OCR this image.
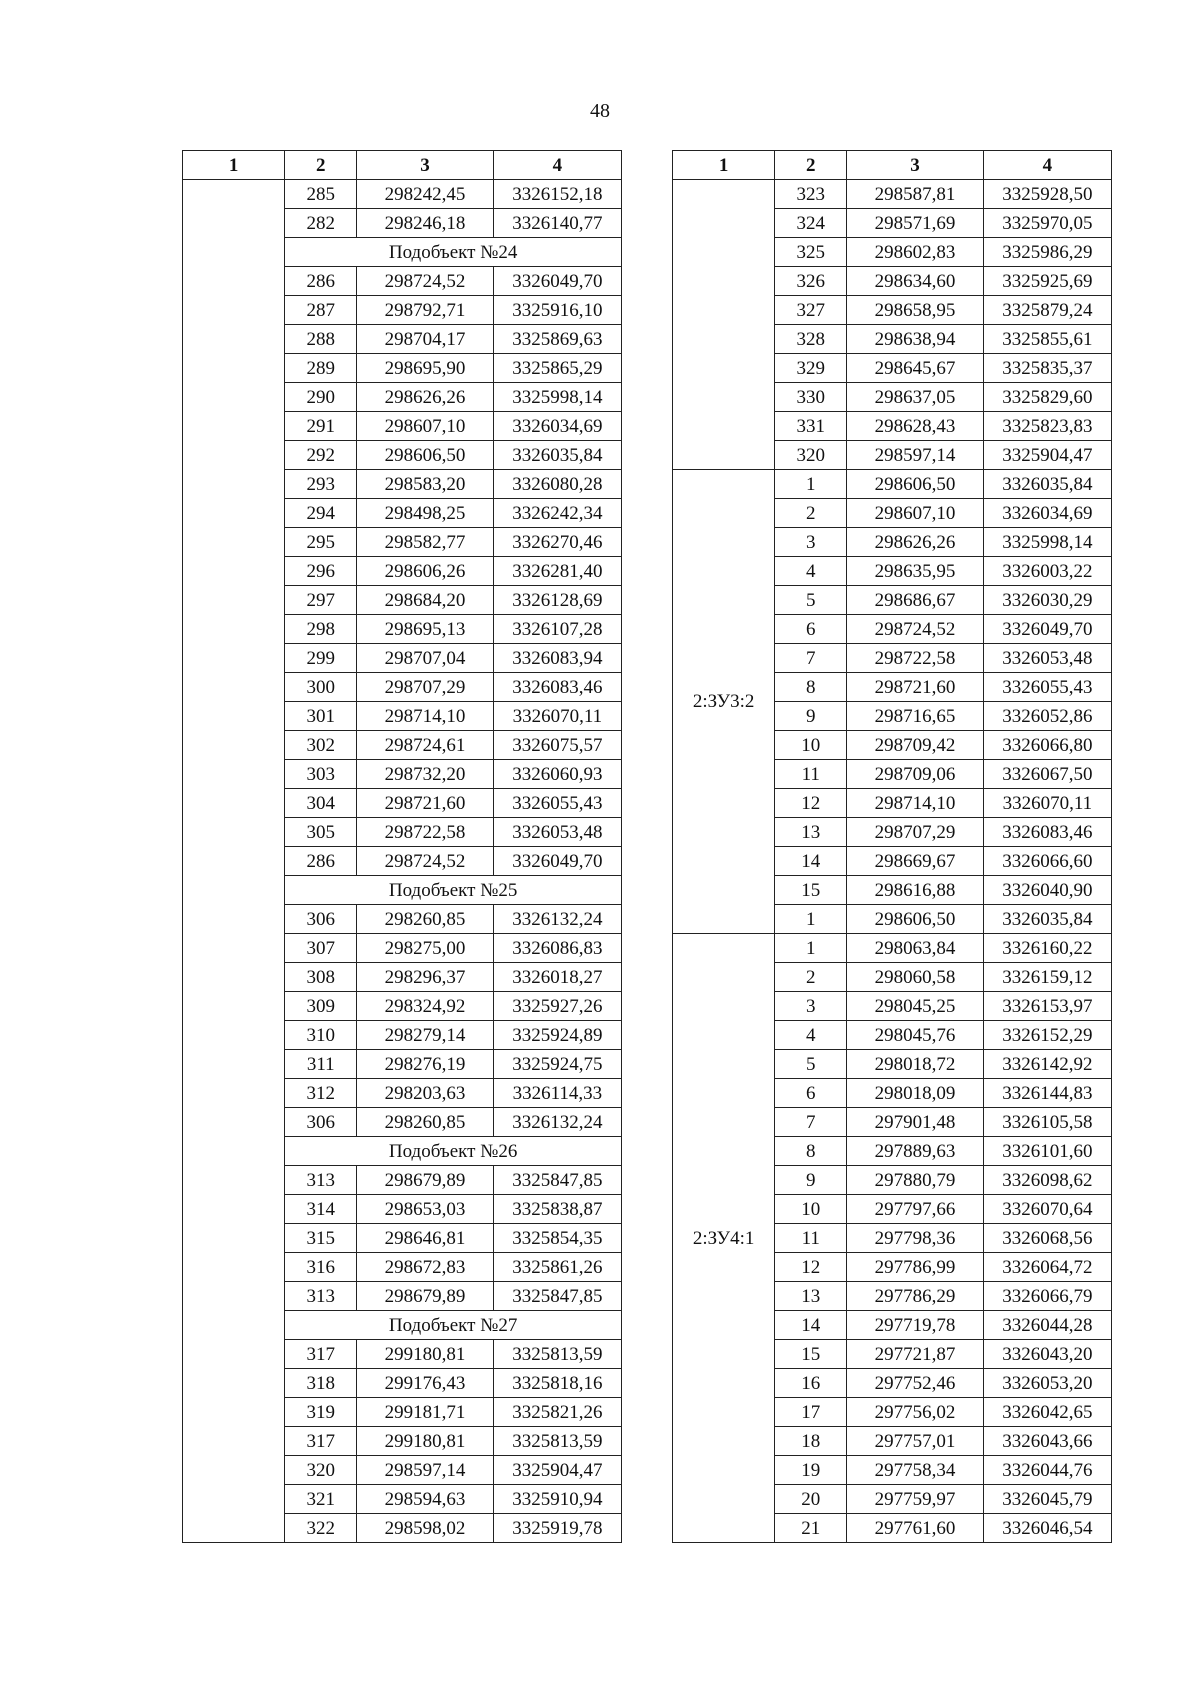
48
1	2	3	4
	285	298242,45	3326152,18
	282	298246,18	3326140,77
	Подобъект №24		
	286	298724,52	3326049,70
	287	298792,71	3325916,10
	288	298704,17	3325869,63
	289	298695,90	3325865,29
	290	298626,26	3325998,14
	291	298607,10	3326034,69
	292	298606,50	3326035,84
	293	298583,20	3326080,28
	294	298498,25	3326242,34
	295	298582,77	3326270,46
	296	298606,26	3326281,40
	297	298684,20	3326128,69
	298	298695,13	3326107,28
	299	298707,04	3326083,94
	300	298707,29	3326083,46
	301	298714,10	3326070,11
	302	298724,61	3326075,57
	303	298732,20	3326060,93
	304	298721,60	3326055,43
	305	298722,58	3326053,48
	286	298724,52	3326049,70
	Подобъект №25		
	306	298260,85	3326132,24
	307	298275,00	3326086,83
	308	298296,37	3326018,27
	309	298324,92	3325927,26
	310	298279,14	3325924,89
	311	298276,19	3325924,75
	312	298203,63	3326114,33
	306	298260,85	3326132,24
	Подобъект №26		
	313	298679,89	3325847,85
	314	298653,03	3325838,87
	315	298646,81	3325854,35
	316	298672,83	3325861,26
	313	298679,89	3325847,85
	Подобъект №27		
	317	299180,81	3325813,59
	318	299176,43	3325818,16
	319	299181,71	3325821,26
	317	299180,81	3325813,59
	320	298597,14	3325904,47
	321	298594,63	3325910,94
	322	298598,02	3325919,78
1	2	3	4
	323	298587,81	3325928,50
	324	298571,69	3325970,05
	325	298602,83	3325986,29
	326	298634,60	3325925,69
	327	298658,95	3325879,24
	328	298638,94	3325855,61
	329	298645,67	3325835,37
	330	298637,05	3325829,60
	331	298628,43	3325823,83
	320	298597,14	3325904,47
2:ЗУ3:2	1	298606,50	3326035,84
	2	298607,10	3326034,69
	3	298626,26	3325998,14
	4	298635,95	3326003,22
	5	298686,67	3326030,29
	6	298724,52	3326049,70
	7	298722,58	3326053,48
	8	298721,60	3326055,43
	9	298716,65	3326052,86
	10	298709,42	3326066,80
	11	298709,06	3326067,50
	12	298714,10	3326070,11
	13	298707,29	3326083,46
	14	298669,67	3326066,60
	15	298616,88	3326040,90
	1	298606,50	3326035,84
2:ЗУ4:1	1	298063,84	3326160,22
	2	298060,58	3326159,12
	3	298045,25	3326153,97
	4	298045,76	3326152,29
	5	298018,72	3326142,92
	6	298018,09	3326144,83
	7	297901,48	3326105,58
	8	297889,63	3326101,60
	9	297880,79	3326098,62
	10	297797,66	3326070,64
	11	297798,36	3326068,56
	12	297786,99	3326064,72
	13	297786,29	3326066,79
	14	297719,78	3326044,28
	15	297721,87	3326043,20
	16	297752,46	3326053,20
	17	297756,02	3326042,65
	18	297757,01	3326043,66
	19	297758,34	3326044,76
	20	297759,97	3326045,79
	21	297761,60	3326046,54
